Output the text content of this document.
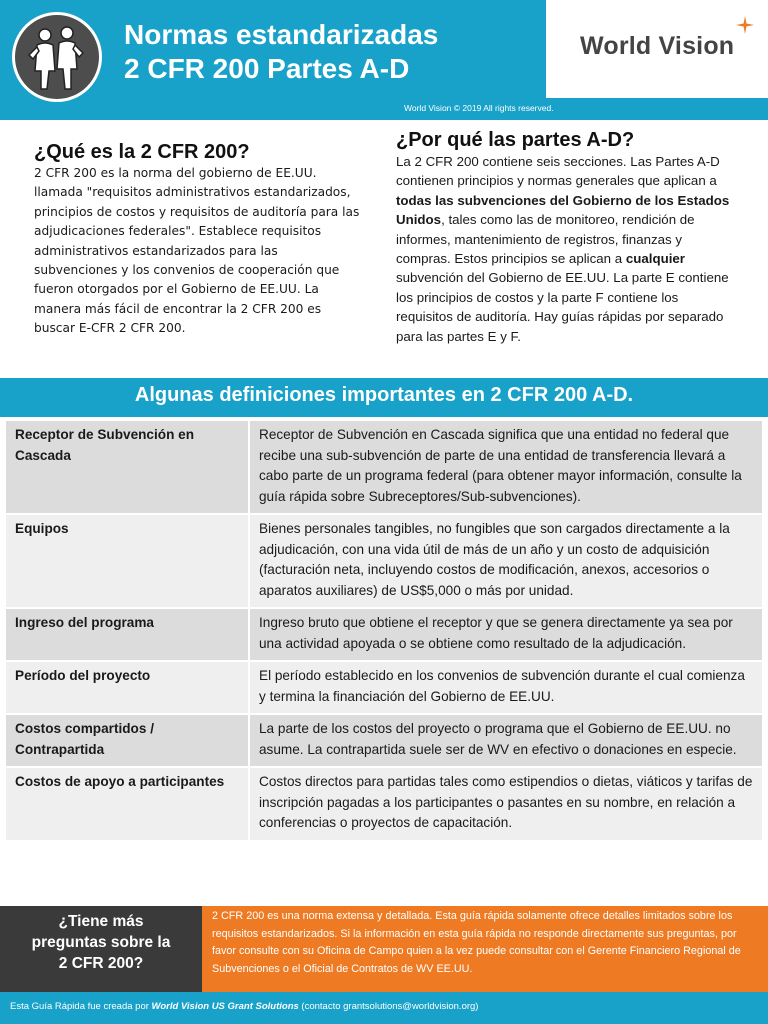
Normas estandarizadas
2 CFR 200 Partes A-D
World Vision
World Vision © 2019 All rights reserved.
¿Qué es la 2 CFR 200?
2 CFR 200 es la norma del gobierno de EE.UU. llamada "requisitos administrativos estandarizados, principios de costos y requisitos de auditoría para las adjudicaciones federales". Establece requisitos administrativos estandarizados para las subvenciones y los convenios de cooperación que fueron otorgados por el Gobierno de EE.UU. La manera más fácil de encontrar la 2 CFR 200 es buscar E-CFR 2 CFR 200.
¿Por qué las partes A-D?
La 2 CFR 200 contiene seis secciones. Las Partes A-D contienen principios y normas generales que aplican a todas las subvenciones del Gobierno de los Estados Unidos, tales como las de monitoreo, rendición de informes, mantenimiento de registros, finanzas y compras. Estos principios se aplican a cualquier subvención del Gobierno de EE.UU. La parte E contiene los principios de costos y la parte F contiene los requisitos de auditoría. Hay guías rápidas por separado para las partes E y F.
Algunas definiciones importantes en 2 CFR 200 A-D.
Receptor de Subvención en Cascada	Receptor de Subvención en Cascada significa que una entidad no federal que recibe una sub-subvención de parte de una entidad de transferencia llevará a cabo parte de un programa federal (para obtener mayor información, consulte la guía rápida sobre Subreceptores/Sub-subvenciones).
Equipos	Bienes personales tangibles, no fungibles que son cargados directamente a la adjudicación, con una vida útil de más de un año y un costo de adquisición (facturación neta, incluyendo costos de modificación, anexos, accesorios o aparatos auxiliares) de US$5,000 o más por unidad.
Ingreso del programa	Ingreso bruto que obtiene el receptor y que se genera directamente ya sea por una actividad apoyada o se obtiene como resultado de la adjudicación.
Período del proyecto	El período establecido en los convenios de subvención durante el cual comienza y termina la financiación del Gobierno de EE.UU.
Costos compartidos / Contrapartida	La parte de los costos del proyecto o programa que el Gobierno de EE.UU. no asume. La contrapartida suele ser de WV en efectivo o donaciones en especie.
Costos de apoyo a participantes	Costos directos para partidas tales como estipendios o dietas, viáticos y tarifas de inscripción pagadas a los participantes o pasantes en su nombre, en relación a conferencias o proyectos de capacitación.
¿Tiene más
preguntas sobre la
2 CFR 200?
2 CFR 200 es una norma extensa y detallada. Esta guía rápida solamente ofrece detalles limitados sobre los requisitos estandarizados. Si la información en esta guía rápida no responde directamente sus preguntas, por favor consulte con su Oficina de Campo quien a la vez puede consultar con el Gerente Financiero Regional de Subvenciones o el Oficial de Contratos de WV EE.UU.
Esta Guía Rápida fue creada por World Vision US Grant Solutions (contacto grantsolutions@worldvision.org)
